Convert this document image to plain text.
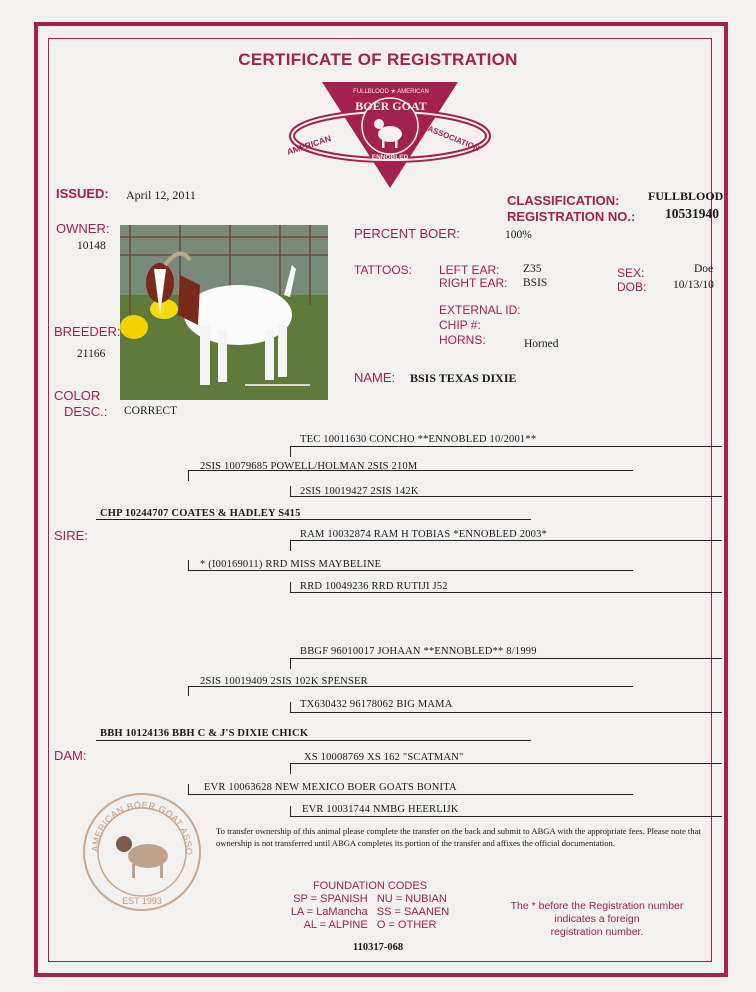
CERTIFICATE OF REGISTRATION
BOER GOAT
FULLBLOOD ★ AMERICAN
AMERICAN	ASSOCIATION
ENNOBLED
ISSUED: April 12, 2011	CLASSIFICATION: FULLBLOOD
REGISTRATION NO.: 10531940
OWNER:
10148
PERCENT BOER:	100%
TATTOOS: LEFT EAR: Z35
RIGHT EAR: BSIS
SEX:	Doe
DOB: 10/13/10
EXTERNAL ID:
CHIP #:
HORNS:	Horned
BREEDER:
21166
NAME: BSIS TEXAS DIXIE
COLOR
DESC.: CORRECT
TEC 10011630 CONCHO **ENNOBLED 10/2001**
2SIS 10079685 POWELL/HOLMAN 2SIS 210M
2SIS 10019427 2SIS 142K
CHP 10244707 COATES & HADLEY S415
SIRE:	RAM 10032874 RAM H TOBIAS *ENNOBLED 2003*
* (I00169011) RRD MISS MAYBELINE
RRD 10049236 RRD RUTIJI J52
BBGF 96010017 JOHAAN **ENNOBLED** 8/1999
2SIS 10019409 2SIS 102K SPENSER
TX630432 96178062 BIG MAMA
BBH 10124136 BBH C & J'S DIXIE CHICK
DAM:	XS 10008769 XS 162 "SCATMAN"
EVR 10063628 NEW MEXICO BOER GOATS BONITA
EVR 10031744 NMBG HEERLIJK
AMERICAN BOER GOAT ASSO
EST 1993
To transfer ownership of this animal please complete the transfer on the back and submit to ABGA with the appropriate fees. Please note that ownership is not transferred until ABGA completes its portion of the transfer and affixes the official documentation.
FOUNDATION CODES
SP = SPANISH   NU = NUBIAN
LA = LaMancha   SS = SAANEN
AL = ALPINE   O = OTHER
The * before the Registration number
indicates a foreign
registration number.
110317-068
